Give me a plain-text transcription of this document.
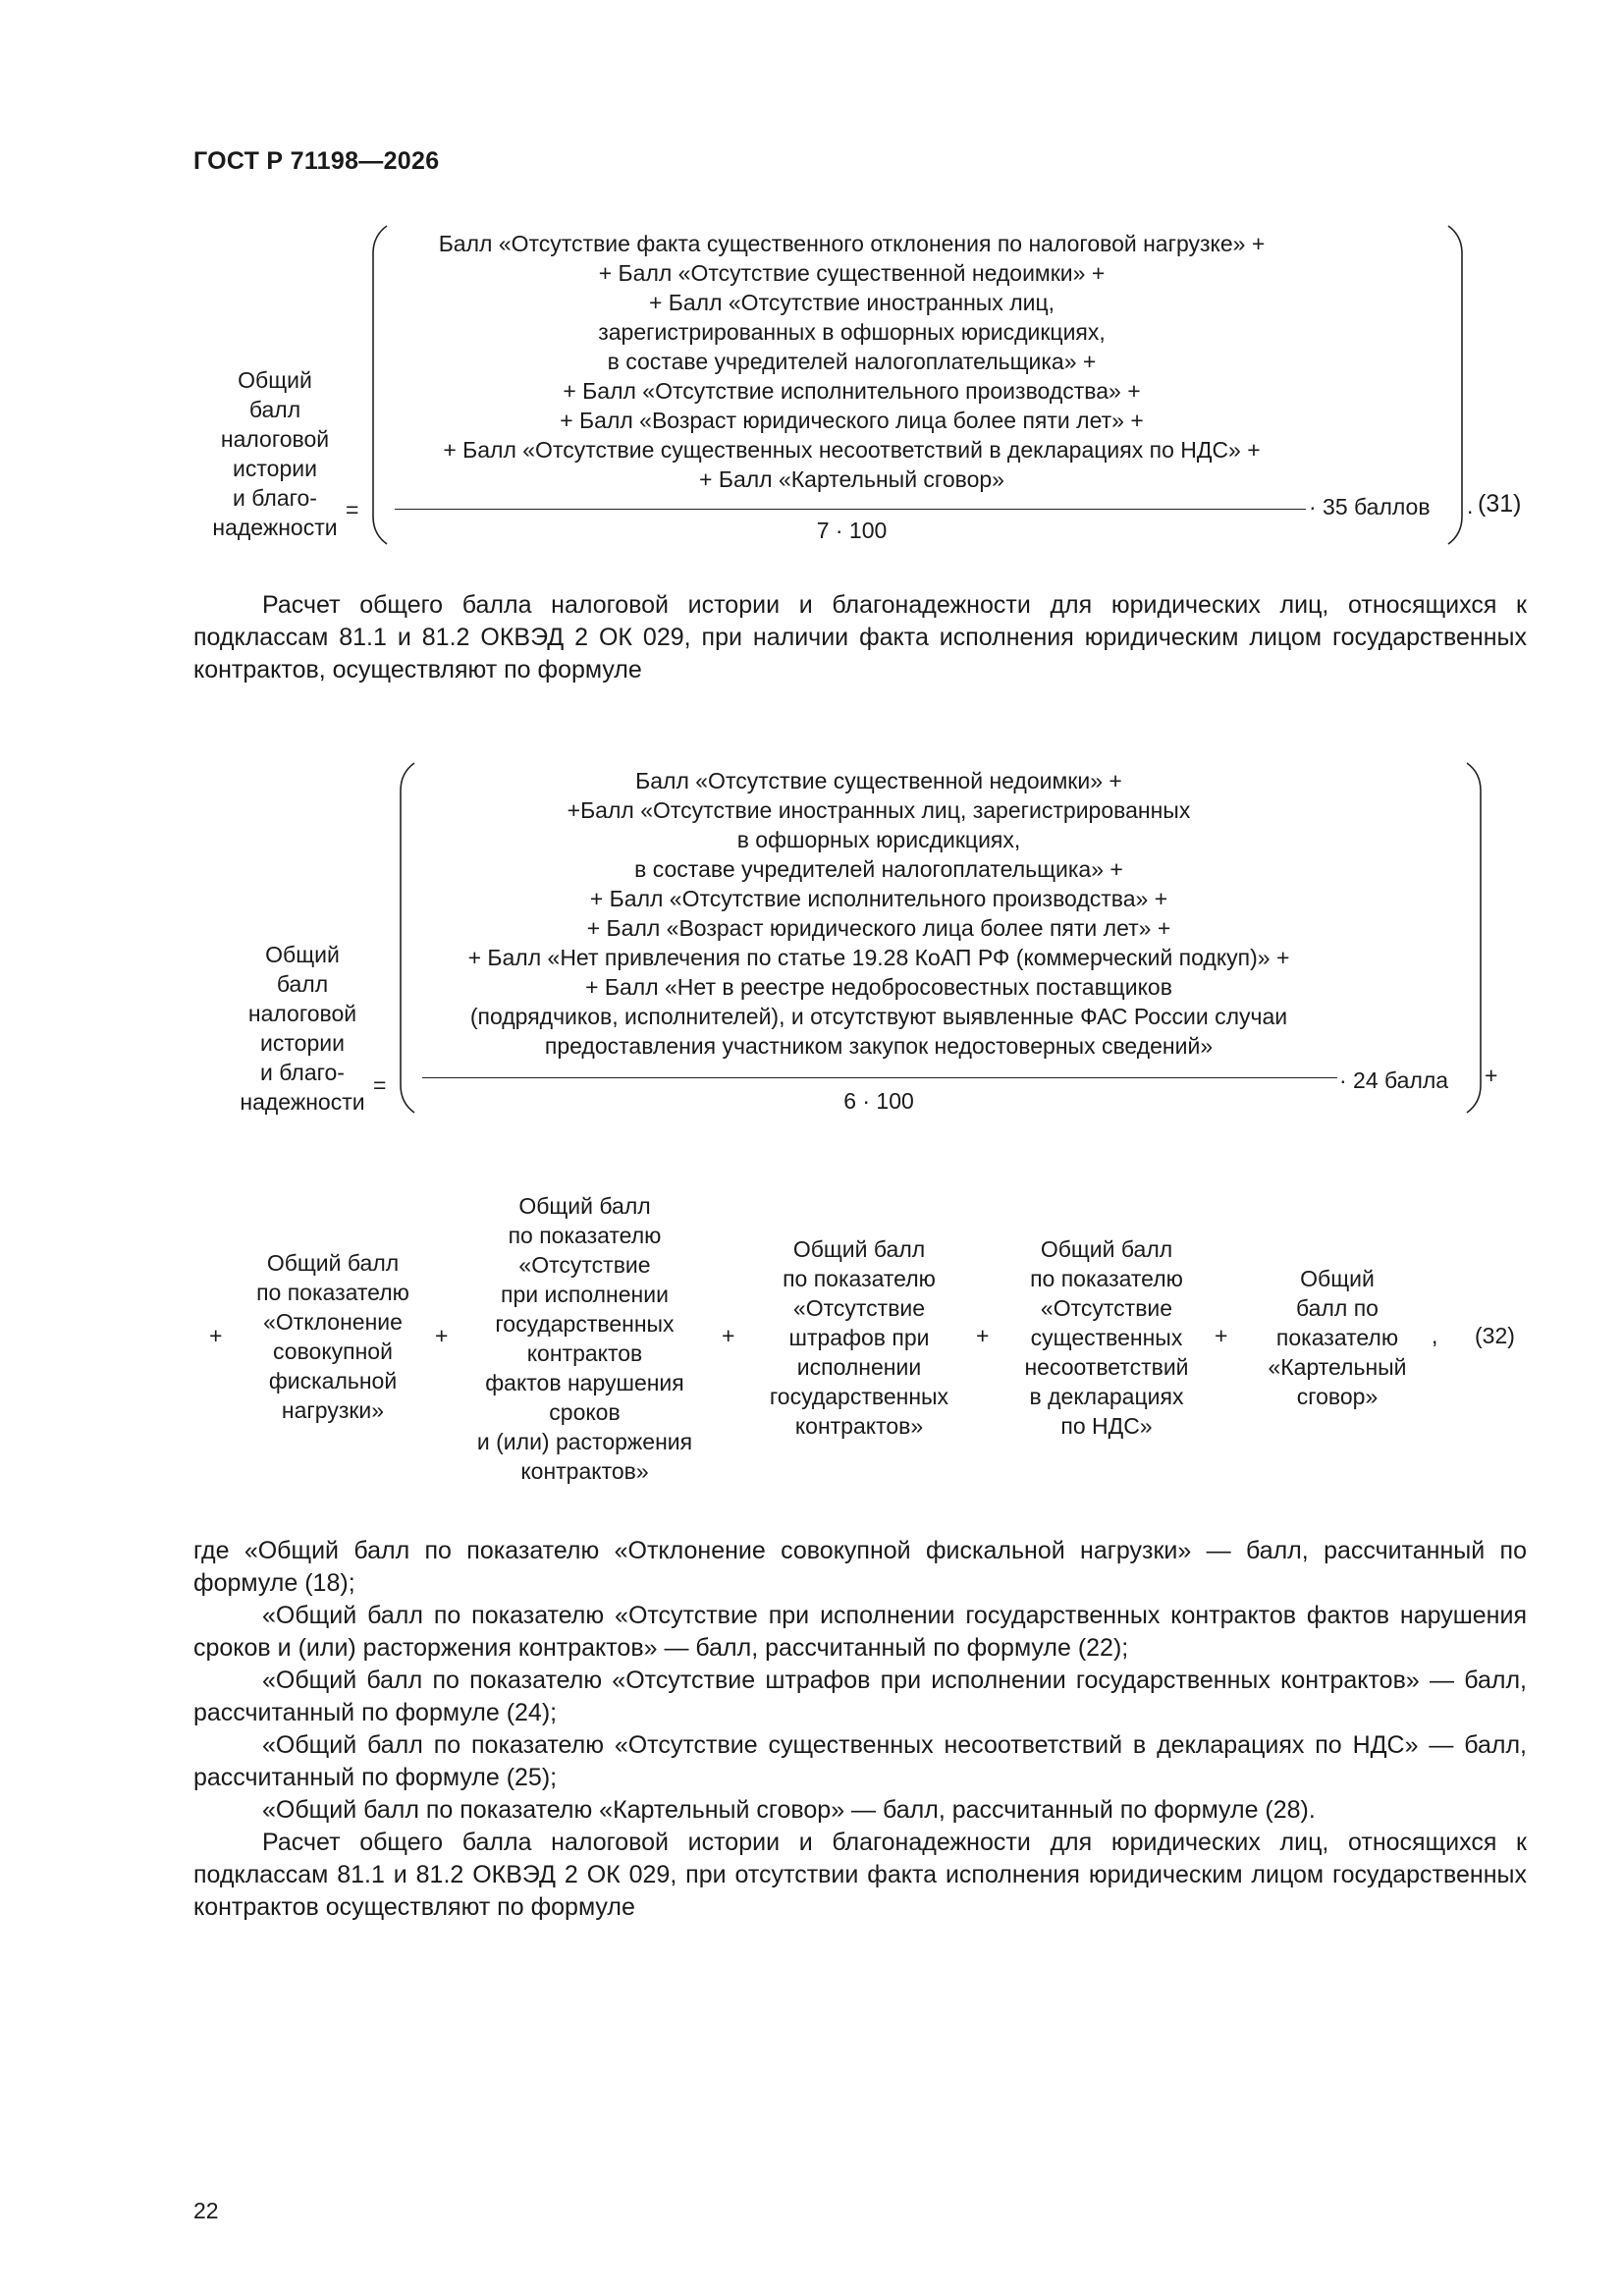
ГОСТ Р 71198—2026
Общий
балл
налоговой
истории
и благо-
надежности
=
Балл «Отсутствие факта существенного отклонения по налоговой нагрузке» +
+ Балл «Отсутствие существенной недоимки» +
+ Балл «Отсутствие иностранных лиц,
зарегистрированных в офшорных юрисдикциях,
в составе учредителей налогоплательщика» +
+ Балл «Отсутствие исполнительного производства» +
+ Балл «Возраст юридического лица более пяти лет» +
+ Балл «Отсутствие существенных несоответствий в декларациях по НДС» +
+ Балл «Картельный сговор»
7 · 100
· 35 баллов . (31)

Расчет общего балла налоговой истории и благонадежности для юридических лиц, относящихся к подклассам 81.1 и 81.2 ОКВЭД 2 ОК 029, при наличии факта исполнения юридическим лицом государственных контрактов, осуществляют по формуле

Общий
балл
налоговой
истории
и благо-
надежности
=
Балл «Отсутствие существенной недоимки» +
+Балл «Отсутствие иностранных лиц, зарегистрированных
в офшорных юрисдикциях,
в составе учредителей налогоплательщика» +
+ Балл «Отсутствие исполнительного производства» +
+ Балл «Возраст юридического лица более пяти лет» +
+ Балл «Нет привлечения по статье 19.28 КоАП РФ (коммерческий подкуп)» +
+ Балл «Нет в реестре недобросовестных поставщиков
(подрядчиков, исполнителей), и отсутствуют выявленные ФАС России случаи
предоставления участником закупок недостоверных сведений»
6 · 100
· 24 балла +
+
Общий балл
по показателю
«Отклонение
совокупной
фискальной
нагрузки»
+
Общий балл
по показателю
«Отсутствие
при исполнении
государственных
контрактов
фактов нарушения
сроков
и (или) расторжения
контрактов»
+
Общий балл
по показателю
«Отсутствие
штрафов при
исполнении
государственных
контрактов»
+
Общий балл
по показателю
«Отсутствие
существенных
несоответствий
в декларациях
по НДС»
+
Общий
балл по
показателю
«Картельный
сговор»
, (32)

где «Общий балл по показателю «Отклонение совокупной фискальной нагрузки» — балл, рассчитанный по формуле (18);

«Общий балл по показателю «Отсутствие при исполнении государственных контрактов фактов нарушения сроков и (или) расторжения контрактов» — балл, рассчитанный по формуле (22);

«Общий балл по показателю «Отсутствие штрафов при исполнении государственных контрактов» — балл, рассчитанный по формуле (24);

«Общий балл по показателю «Отсутствие существенных несоответствий в декларациях по НДС» — балл, рассчитанный по формуле (25);

«Общий балл по показателю «Картельный сговор» — балл, рассчитанный по формуле (28).

Расчет общего балла налоговой истории и благонадежности для юридических лиц, относящихся к подклассам 81.1 и 81.2 ОКВЭД 2 ОК 029, при отсутствии факта исполнения юридическим лицом государственных контрактов осуществляют по формуле

22
